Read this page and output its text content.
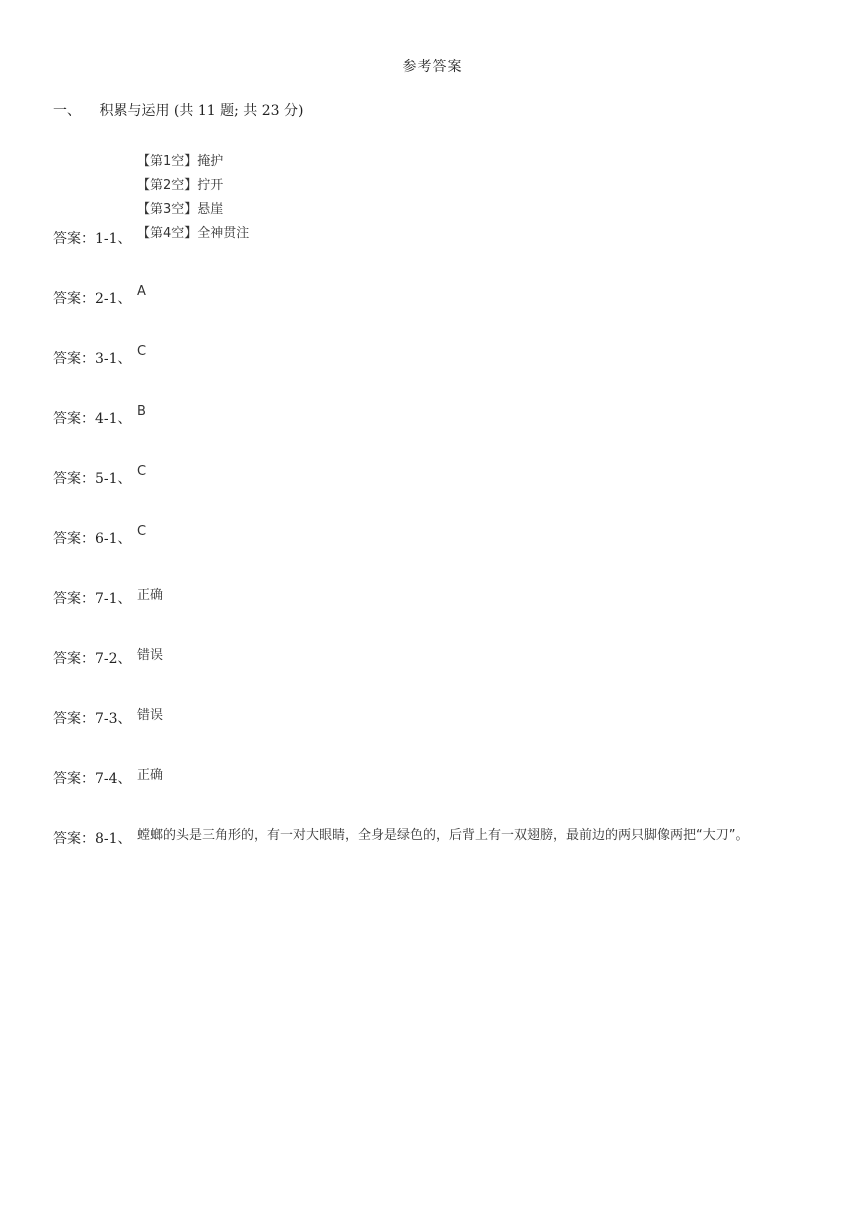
参考答案
一、 积累与运用 (共 11 题; 共 23 分)
【第1空】掩护
【第2空】拧开
【第3空】悬崖
【第4空】全神贯注
答案：1-1、
答案：2-1、 A
答案：3-1、 C
答案：4-1、 B
答案：5-1、 C
答案：6-1、 C
答案：7-1、 正确
答案：7-2、 错误
答案：7-3、 错误
答案：7-4、 正确
答案：8-1、 螳螂的头是三角形的，有一对大眼睛，全身是绿色的，后背上有一双翅膀，最前边的两只脚像两把“大刀”。
